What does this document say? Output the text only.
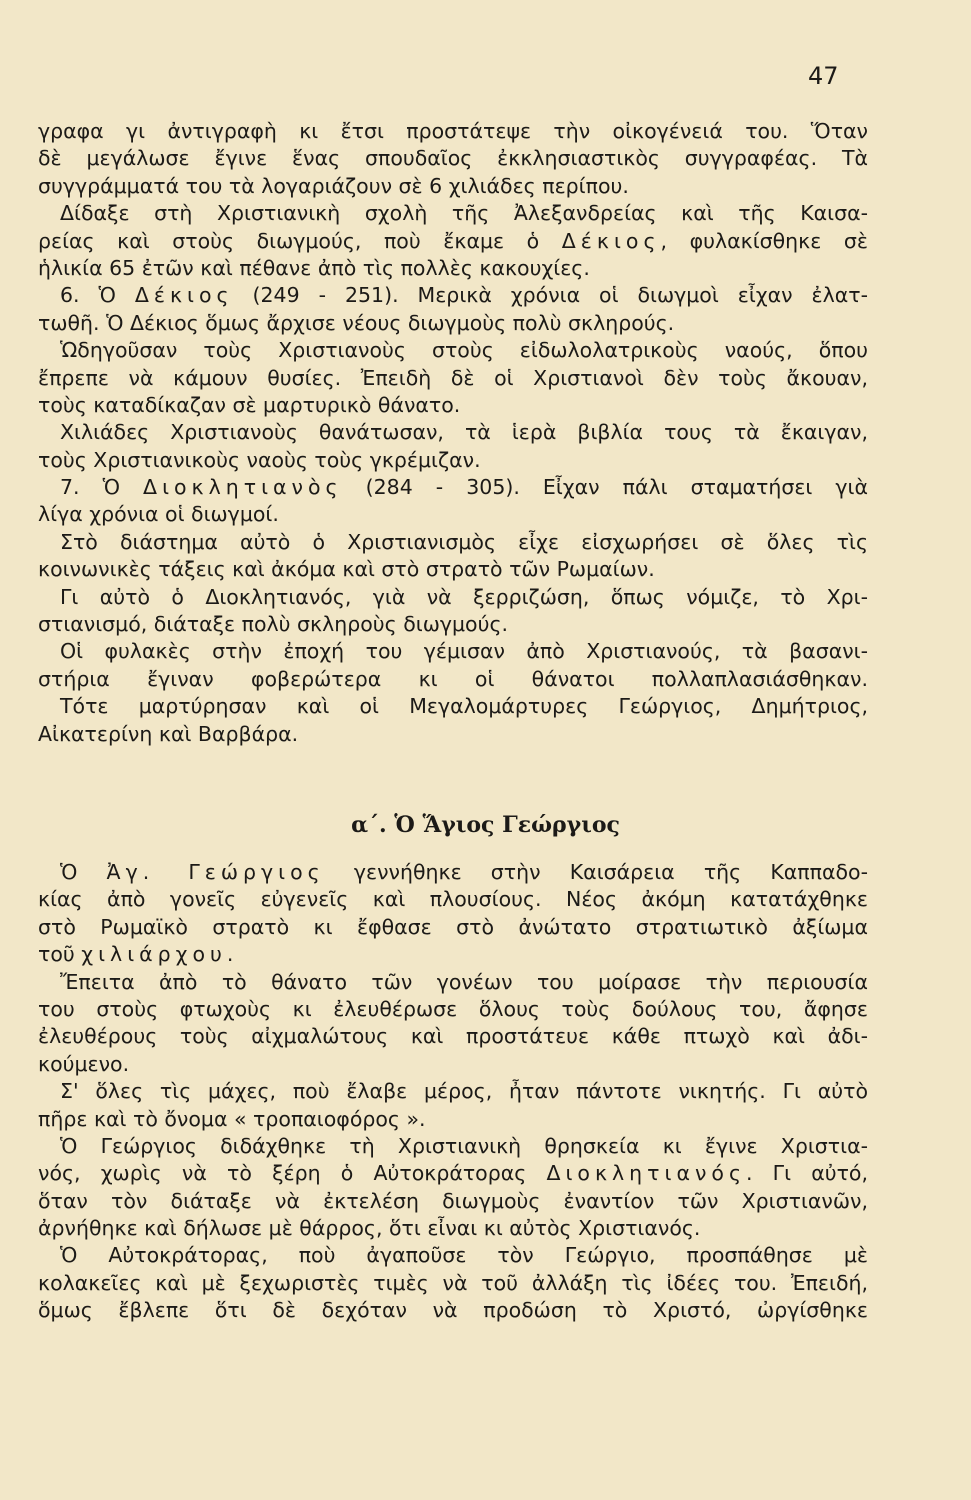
47
γραφα γι ἀντιγραφὴ κι ἔτσι προστάτεψε τὴν οἰκογένειά του. Ὅταν
δὲ μεγάλωσε ἔγινε ἕνας σπουδαῖος ἐκκλησιαστικὸς συγγραφέας. Τὰ
συγγράμματά του τὰ λογαριάζουν σὲ 6 χιλιάδες περίπου.
Δίδαξε στὴ Χριστιανικὴ σχολὴ τῆς Ἀλεξανδρείας καὶ τῆς Καισα-
ρείας καὶ στοὺς διωγμούς, ποὺ ἔκαμε ὁ Δέκιος, φυλακίσθηκε σὲ
ἡλικία 65 ἐτῶν καὶ πέθανε ἀπὸ τὶς πολλὲς κακουχίες.
6. Ὁ Δέκιος (249 - 251). Μερικὰ χρόνια οἱ διωγμοὶ εἶχαν ἐλατ-
τωθῆ. Ὁ Δέκιος ὅμως ἄρχισε νέους διωγμοὺς πολὺ σκληρούς.
Ὡδηγοῦσαν τοὺς Χριστιανοὺς στοὺς εἰδωλολατρικοὺς ναούς, ὅπου
ἔπρεπε νὰ κάμουν θυσίες. Ἐπειδὴ δὲ οἱ Χριστιανοὶ δὲν τοὺς ἄκουαν,
τοὺς καταδίκαζαν σὲ μαρτυρικὸ θάνατο.
Χιλιάδες Χριστιανοὺς θανάτωσαν, τὰ ἱερὰ βιβλία τους τὰ ἔκαιγαν,
τοὺς Χριστιανικοὺς ναοὺς τοὺς γκρέμιζαν.
7. Ὁ Διοκλητιανὸς (284 - 305). Εἶχαν πάλι σταματήσει γιὰ
λίγα χρόνια οἱ διωγμοί.
Στὸ διάστημα αὐτὸ ὁ Χριστιανισμὸς εἶχε εἰσχωρήσει σὲ ὅλες τὶς
κοινωνικὲς τάξεις καὶ ἀκόμα καὶ στὸ στρατὸ τῶν Ρωμαίων.
Γι αὐτὸ ὁ Διοκλητιανός, γιὰ νὰ ξερριζώση, ὅπως νόμιζε, τὸ Χρι-
στιανισμό, διάταξε πολὺ σκληροὺς διωγμούς.
Οἱ φυλακὲς στὴν ἐποχή του γέμισαν ἀπὸ Χριστιανούς, τὰ βασανι-
στήρια ἔγιναν φοβερώτερα κι οἱ θάνατοι πολλαπλασιάσθηκαν.
Τότε μαρτύρησαν καὶ οἱ Μεγαλομάρτυρες Γεώργιος, Δημήτριος,
Αἰκατερίνη καὶ Βαρβάρα.
α΄. Ὁ Ἅγιος Γεώργιος
Ὁ Ἀγ. Γεώργιος γεννήθηκε στὴν Καισάρεια τῆς Καππαδο-
κίας ἀπὸ γονεῖς εὐγενεῖς καὶ πλουσίους. Νέος ἀκόμη κατατάχθηκε
στὸ Ρωμαϊκὸ στρατὸ κι ἔφθασε στὸ ἀνώτατο στρατιωτικὸ ἀξίωμα
τοῦ χιλιάρχου.
Ἔπειτα ἀπὸ τὸ θάνατο τῶν γονέων του μοίρασε τὴν περιουσία
του στοὺς φτωχοὺς κι ἐλευθέρωσε ὅλους τοὺς δούλους του, ἄφησε
ἐλευθέρους τοὺς αἰχμαλώτους καὶ προστάτευε κάθε πτωχὸ καὶ ἀδι-
κούμενο.
Σ' ὅλες τὶς μάχες, ποὺ ἔλαβε μέρος, ἦταν πάντοτε νικητής. Γι αὐτὸ
πῆρε καὶ τὸ ὄνομα « τροπαιοφόρος ».
Ὁ Γεώργιος διδάχθηκε τὴ Χριστιανικὴ θρησκεία κι ἔγινε Χριστια-
νός, χωρὶς νὰ τὸ ξέρη ὁ Αὐτοκράτορας Διοκλητιανός. Γι αὐτό,
ὅταν τὸν διάταξε νὰ ἐκτελέση διωγμοὺς ἐναντίον τῶν Χριστιανῶν,
ἀρνήθηκε καὶ δήλωσε μὲ θάρρος, ὅτι εἶναι κι αὐτὸς Χριστιανός.
Ὁ Αὐτοκράτορας, ποὺ ἀγαποῦσε τὸν Γεώργιο, προσπάθησε μὲ
κολακεῖες καὶ μὲ ξεχωριστὲς τιμὲς νὰ τοῦ ἀλλάξη τὶς ἰδέες του. Ἐπειδή,
ὅμως ἔβλεπε ὅτι δὲ δεχόταν νὰ προδώση τὸ Χριστό, ὠργίσθηκε
